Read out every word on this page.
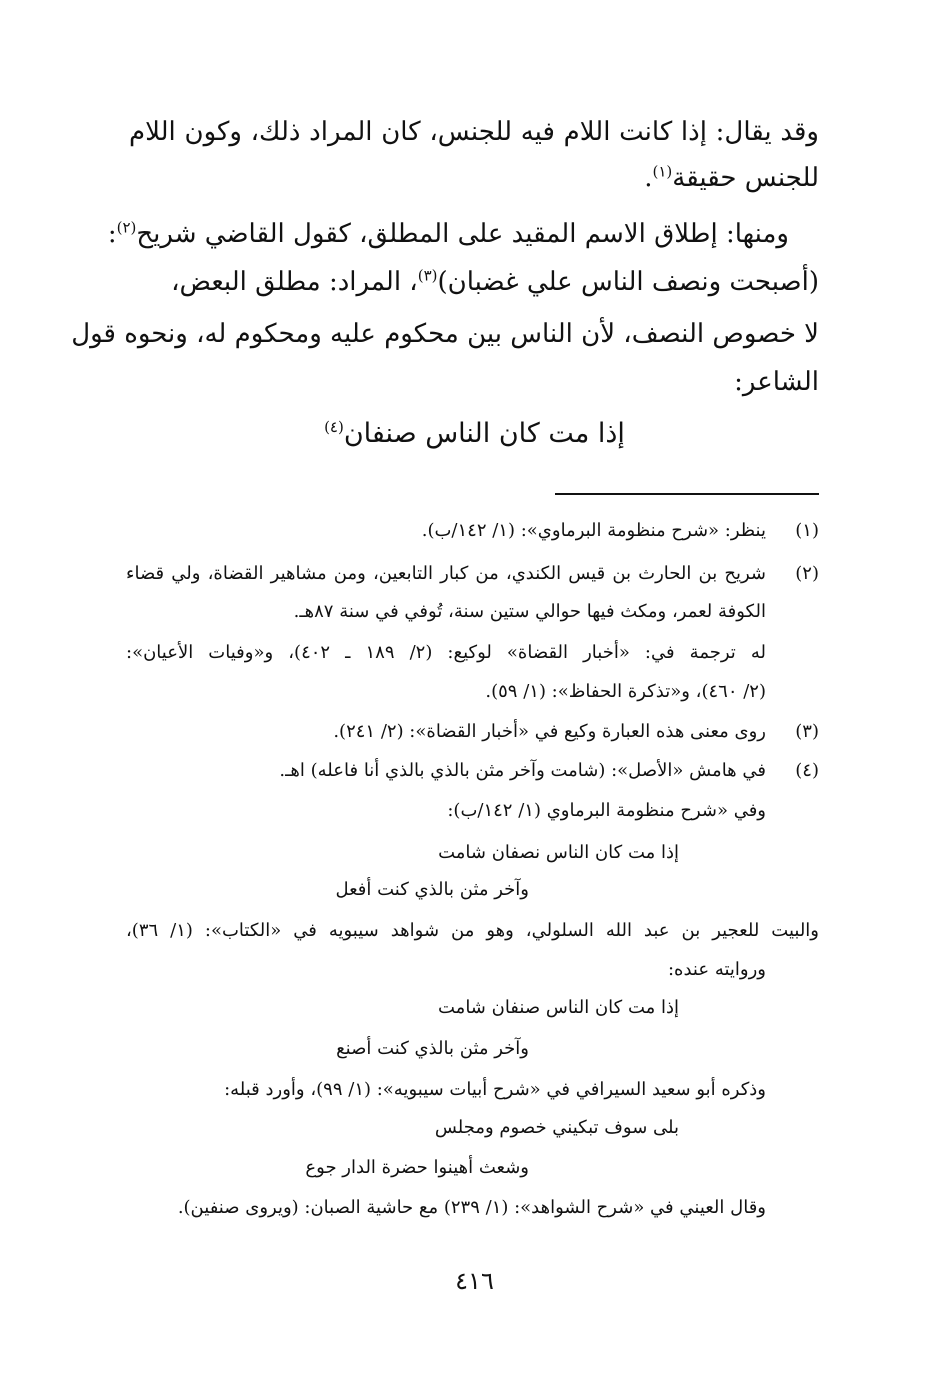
وقد يقال: إذا كانت اللام فيه للجنس، كان المراد ذلك، وكون اللام
للجنس حقيقة$^{(١)}$.
ومنها: إطلاق الاسم المقيد على المطلق، كقول القاضي شريح$^{(٢)}$:
(أصبحت ونصف الناس علي غضبان)$^{(٣)}$، المراد: مطلق البعض،
لا خصوص النصف، لأن الناس بين محكوم عليه ومحكوم له، ونحوه قول
الشاعر:
إذا مت كان الناس صنفان$^{(٤)}$
(١)
ينظر: «شرح منظومة البرماوي»: (١/ ١٤٢/ب).
(٢)
شريح بن الحارث بن قيس الكندي، من كبار التابعين، ومن مشاهير القضاة، ولي قضاء
الكوفة لعمر، ومكث فيها حوالي ستين سنة، تُوفي في سنة ٨٧هـ.
له ترجمة في: «أخبار القضاة» لوكيع: (٢/ ١٨٩ ـ ٤٠٢)، و«وفيات الأعيان»:
(٢/ ٤٦٠)، و«تذكرة الحفاظ»: (١/ ٥٩).
(٣)
روى معنى هذه العبارة وكيع في «أخبار القضاة»: (٢/ ٢٤١).
(٤)
في هامش «الأصل»: (شامت وآخر مثن بالذي بالذي أنا فاعله) اهـ.
وفي «شرح منظومة البرماوي (١/ ١٤٢/ب):
إذا مت كان الناس نصفان شامت
وآخر مثن بالذي كنت أفعل
والبيت للعجير بن عبد الله السلولي، وهو من شواهد سيبويه في «الكتاب»: (١/ ٣٦)،
وروايته عنده:
إذا مت كان الناس صنفان شامت
وآخر مثن بالذي كنت أصنع
وذكره أبو سعيد السيرافي في «شرح أبيات سيبويه»: (١/ ٩٩)، وأورد قبله:
بلى سوف تبكيني خصوم ومجلس
وشعث أهينوا حضرة الدار جوع
وقال العيني في «شرح الشواهد»: (١/ ٢٣٩) مع حاشية الصبان: (ويروى صنفين).
٤١٦
